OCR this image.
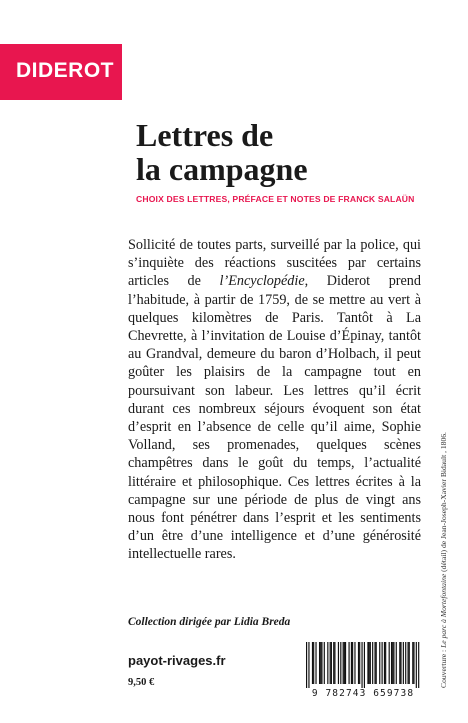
DIDEROT
Lettres de
la campagne
CHOIX DES LETTRES, PRÉFACE ET NOTES DE FRANCK SALAÜN

Sollicité de toutes parts, surveillé par la police, qui s’inquiète des réactions suscitées par certains articles de l’Encyclopédie, Diderot prend l’habitude, à partir de 1759, de se mettre au vert à quelques kilomètres de Paris. Tantôt à La Chevrette, à l’invitation de Louise d’Épinay, tantôt au Grandval, demeure du baron d’Holbach, il peut goûter les plaisirs de la campagne tout en poursuivant son labeur. Les lettres qu’il écrit durant ces nombreux séjours évoquent son état d’esprit en l’absence de celle qu’il aime, Sophie Volland, ses promenades, quelques scènes champêtres dans le goût du temps, l’actualité littéraire et philosophique. Ces lettres écrites à la campagne sur une période de plus de vingt ans nous font pénétrer dans l’esprit et les sentiments d’un être d’une intelligence et d’une générosité intellectuelle rares.

Collection dirigée par Lidia Breda
payot-rivages.fr
9,50 €
9 782743 659738
Couverture : Le parc à Mortefontaine (détail) de Jean-Joseph-Xavier Bidault , 1806.
